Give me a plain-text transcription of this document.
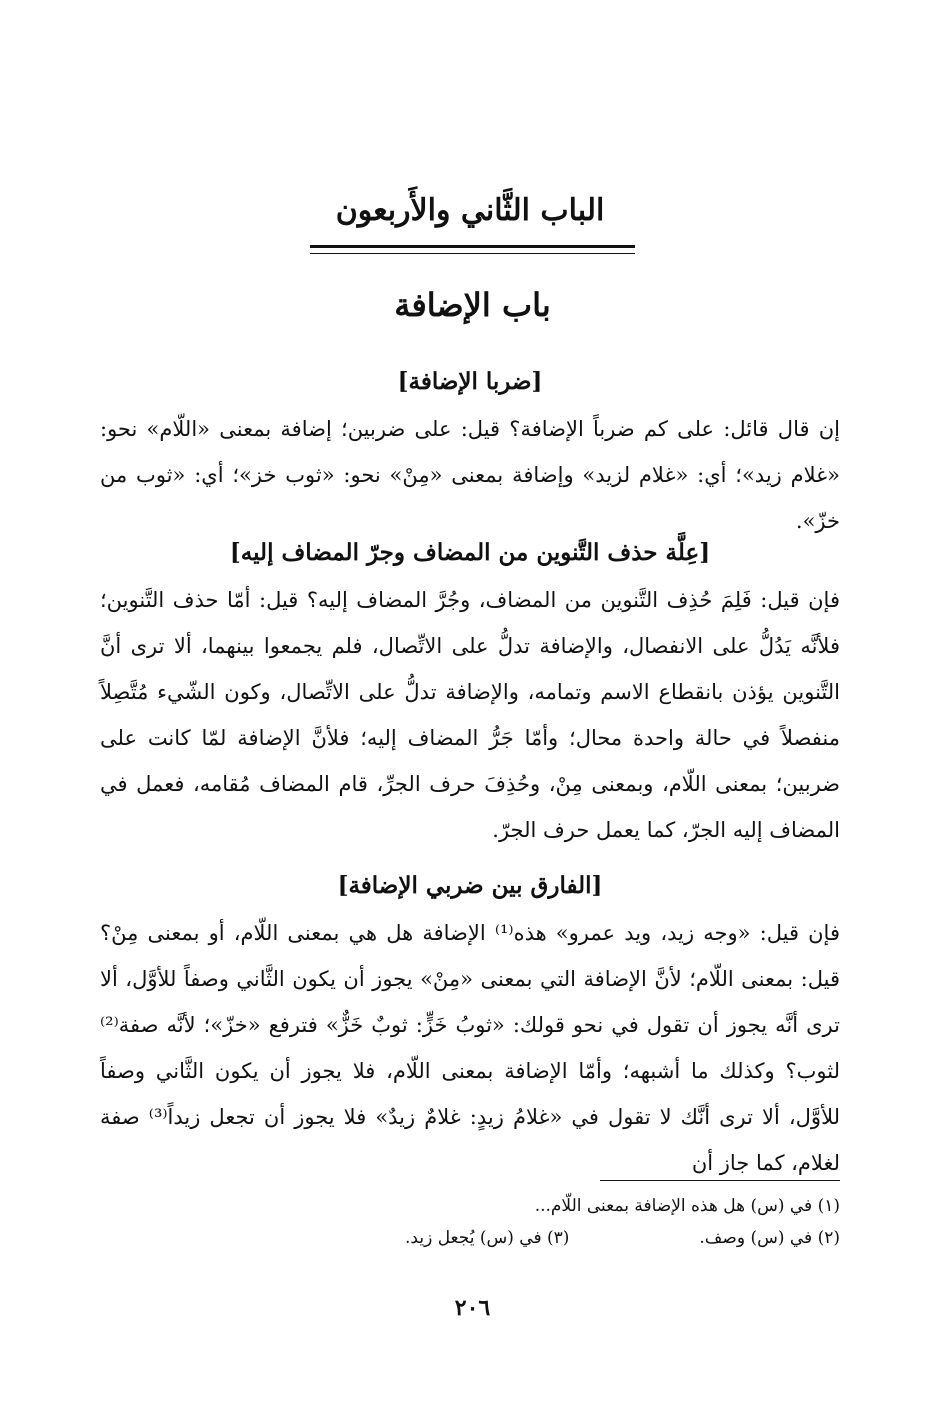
الباب الثَّاني والأَربعون
باب الإضافة
[ضربا الإضافة]

إن قال قائل: على كم ضرباً الإضافة؟ قيل: على ضربين؛ إضافة بمعنى «اللّام» نحو: «غلام زيد»؛ أي: «غلام لزيد» وإضافة بمعنى «مِنْ» نحو: «ثوب خز»؛ أي: «ثوب من خزّ».

[عِلَّة حذف التَّنوين من المضاف وجرّ المضاف إليه]

فإن قيل: فَلِمَ حُذِف التَّنوين من المضاف، وجُرَّ المضاف إليه؟ قيل: أمّا حذف التَّنوين؛ فلأنَّه يَدُلُّ على الانفصال، والإضافة تدلُّ على الاتِّصال، فلم يجمعوا بينهما، ألا ترى أنَّ التَّنوين يؤذن بانقطاع الاسم وتمامه، والإضافة تدلُّ على الاتِّصال، وكون الشّيء مُتَّصِلاً منفصلاً في حالة واحدة محال؛ وأمّا جَرُّ المضاف إليه؛ فلأنَّ الإضافة لمّا كانت على ضربين؛ بمعنى اللّام، وبمعنى مِنْ، وحُذِفَ حرف الجرِّ، قام المضاف مُقامه، فعمل في المضاف إليه الجرّ، كما يعمل حرف الجرّ.

[الفارق بين ضربي الإضافة]

فإن قيل: «وجه زيد، ويد عمرو» هذه⁽¹⁾ الإضافة هل هي بمعنى اللّام، أو بمعنى مِنْ؟ قيل: بمعنى اللّام؛ لأنَّ الإضافة التي بمعنى «مِنْ» يجوز أن يكون الثَّاني وصفاً للأوَّل، ألا ترى أنَّه يجوز أن تقول في نحو قولك: «ثوبُ خَزٍّ: ثوبٌ خَزٌّ» فترفع «خزّ»؛ لأنَّه صفة⁽²⁾ لثوب؟ وكذلك ما أشبهه؛ وأمّا الإضافة بمعنى اللّام، فلا يجوز أن يكون الثَّاني وصفاً للأوَّل، ألا ترى أنَّك لا تقول في «غلامُ زيدٍ: غلامٌ زيدٌ» فلا يجوز أن تجعل زيداً⁽³⁾ صفة لغلام، كما جاز أن

(١) في (س) هل هذه الإضافة بمعنى اللّام...
(٢) في (س) وصف.
(٣) في (س) يُجعل زيد.
٢٠٦
